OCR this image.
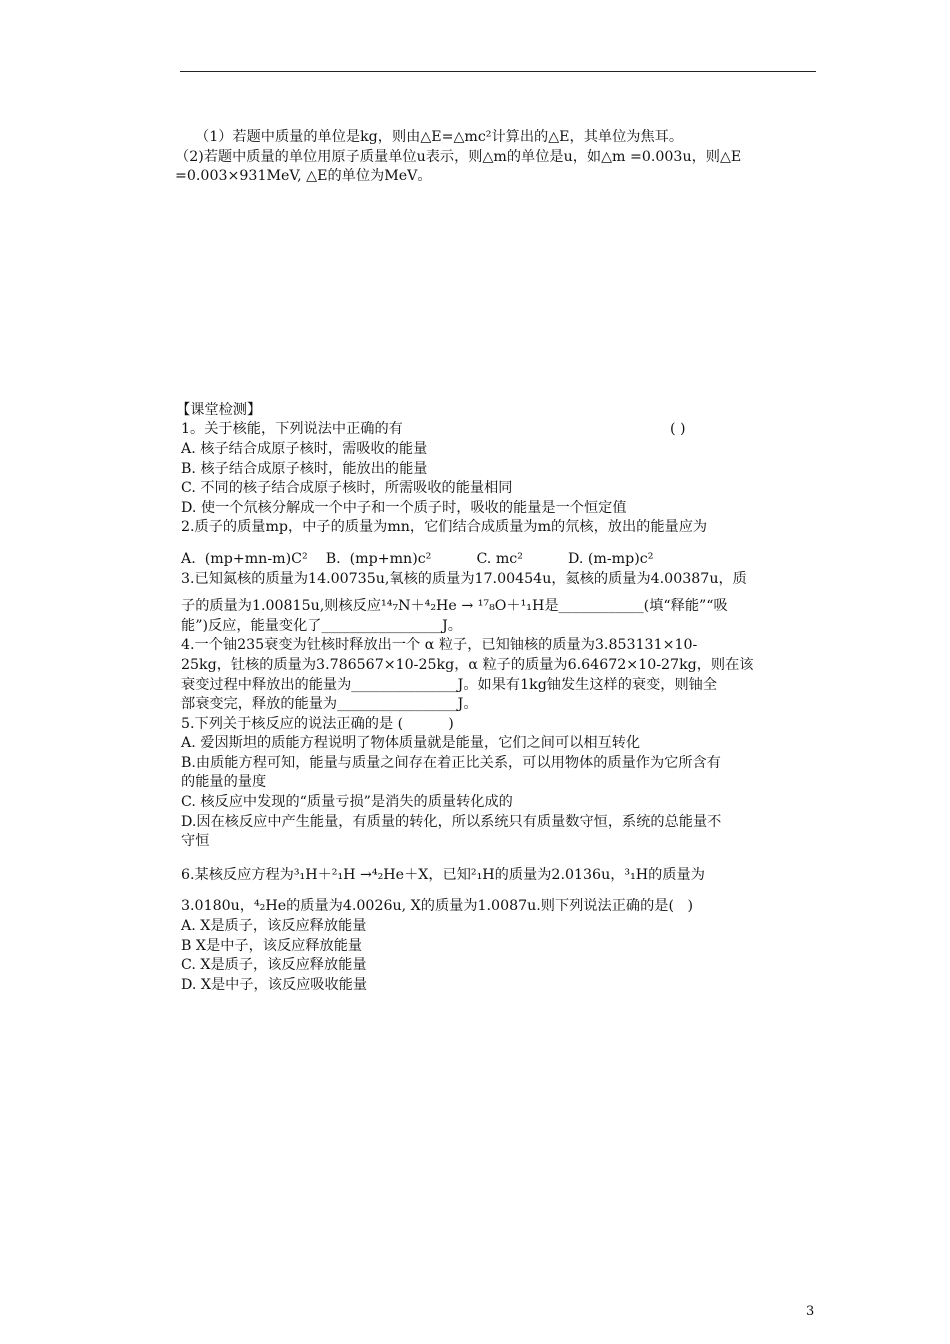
（1）若题中质量的单位是kg，则由△E=△mc²计算出的△E，其单位为焦耳。

（2)若题中质量的单位用原子质量单位u表示，则△m的单位是u，如△m =0.003u，则△E

=0.003×931MeV, △E的单位为MeV。

【课堂检测】

1。关于核能，下列说法中正确的有	( )

A. 核子结合成原子核时，需吸收的能量

B. 核子结合成原子核时，能放出的能量

C. 不同的核子结合成原子核时，所需吸收的能量相同

D. 使一个氘核分解成一个中子和一个质子时，吸收的能量是一个恒定值

2.质子的质量mp，中子的质量为mn，它们结合成质量为m的氘核，放出的能量应为

A.  (mp+mn-m)C²    B.  (mp+mn)c²          C. mc²          D. (m-mp)c²

3.已知氮核的质量为14.00735u,氧核的质量为17.00454u，氦核的质量为4.00387u，质

子的质量为1.00815u,则核反应¹⁴₇N＋⁴₂He → ¹⁷₈O＋¹₁H是____________(填“释能”“吸

能”)反应，能量变化了_________________J。

4.一个铀235衰变为钍核时释放出一个 α 粒子，已知铀核的质量为3.853131×10-

25kg，钍核的质量为3.786567×10-25kg，α 粒子的质量为6.64672×10-27kg，则在该

衰变过程中释放出的能量为_______________J。如果有1kg铀发生这样的衰变，则铀全

部衰变完，释放的能量为_________________J。

5.下列关于核反应的说法正确的是 (          )

A. 爱因斯坦的质能方程说明了物体质量就是能量，它们之间可以相互转化

B.由质能方程可知，能量与质量之间存在着正比关系，可以用物体的质量作为它所含有

的能量的量度

C. 核反应中发现的“质量亏损”是消失的质量转化成的

D.因在核反应中产生能量，有质量的转化，所以系统只有质量数守恒，系统的总能量不

守恒

6.某核反应方程为³₁H＋²₁H →⁴₂He＋X，已知²₁H的质量为2.0136u，³₁H的质量为

3.0180u，⁴₂He的质量为4.0026u, X的质量为1.0087u.则下列说法正确的是(   )

A. X是质子，该反应释放能量

B X是中子，该反应释放能量

C. X是质子，该反应释放能量

D. X是中子，该反应吸收能量

3
